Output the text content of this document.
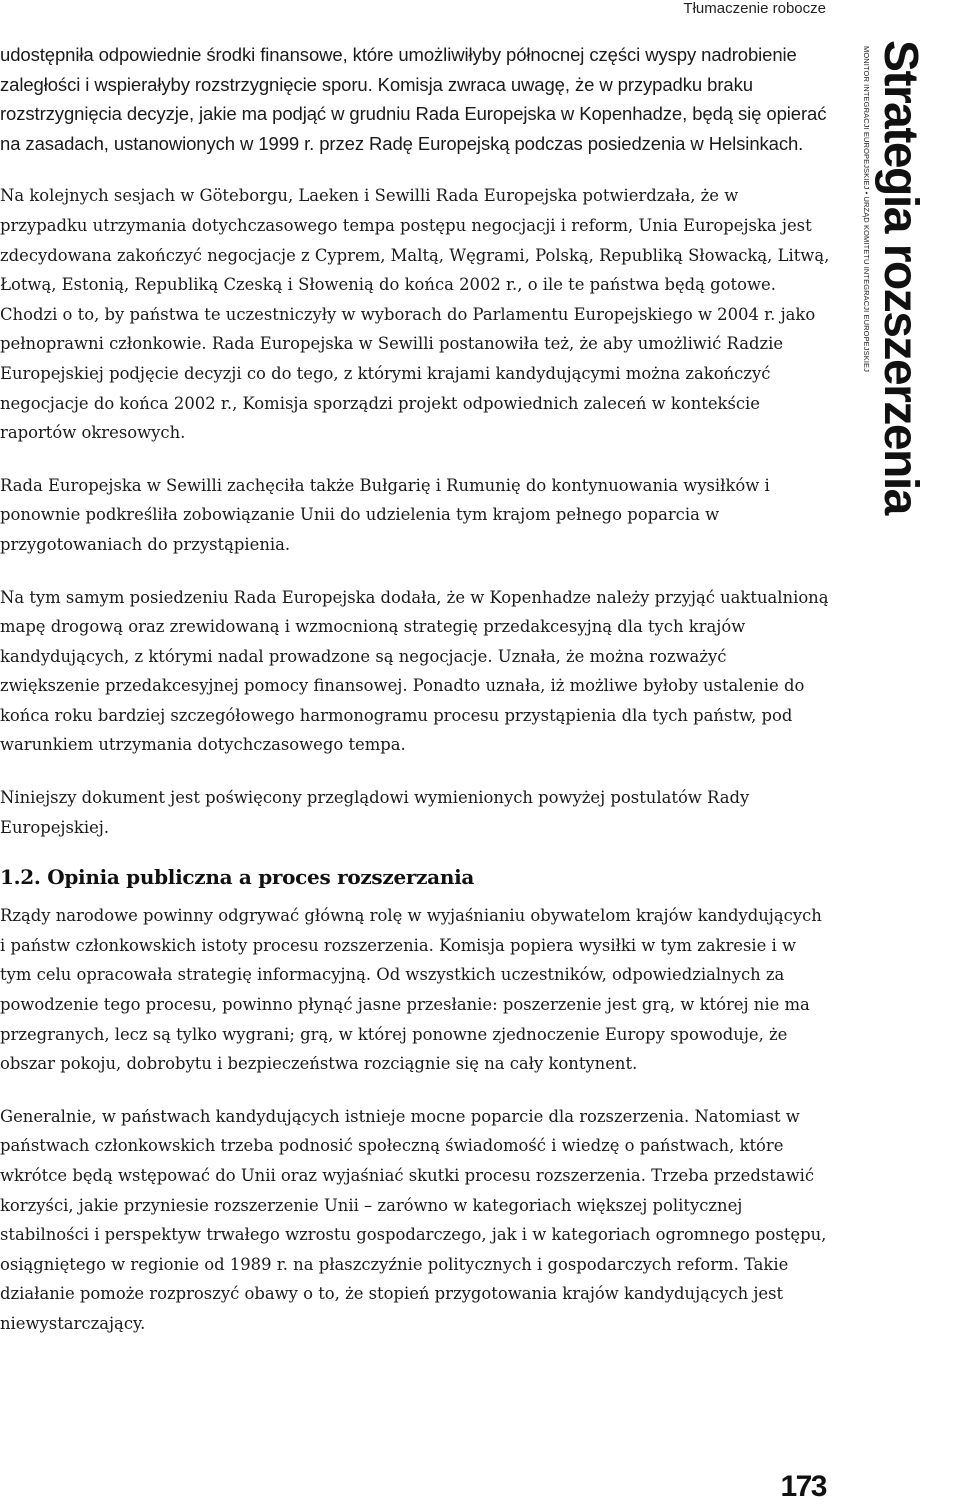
Tłumaczenie robocze
MONITOR INTEGRACJI EUROPEJSKIEJ • URZĄD KOMITETU INTEGRACJI EUROPEJSKIEJ Strategia rozszerzenia

udostępniła odpowiednie środki finansowe, które umożliwiłyby północnej części wyspy nadrobienie zaległości i wspierałyby rozstrzygnięcie sporu. Komisja zwraca uwagę, że w przypadku braku rozstrzygnięcia decyzje, jakie ma podjąć w grudniu Rada Europejska w Kopenhadze, będą się opierać na zasadach, ustanowionych w 1999 r. przez Radę Europejską podczas posiedzenia w Helsinkach.

Na kolejnych sesjach w Göteborgu, Laeken i Sewilli Rada Europejska potwierdzała, że w przypadku utrzymania dotychczasowego tempa postępu negocjacji i reform, Unia Europejska jest zdecydowana zakończyć negocjacje z Cyprem, Maltą, Węgrami, Polską, Republiką Słowacką, Litwą, Łotwą, Estonią, Republiką Czeską i Słowenią do końca 2002 r., o ile te państwa będą gotowe. Chodzi o to, by państwa te uczestniczyły w wyborach do Parlamentu Europejskiego w 2004 r. jako pełnoprawni członkowie. Rada Europejska w Sewilli postanowiła też, że aby umożliwić Radzie Europejskiej podjęcie decyzji co do tego, z którymi krajami kandydującymi można zakończyć negocjacje do końca 2002 r., Komisja sporządzi projekt odpowiednich zaleceń w kontekście raportów okresowych.

Rada Europejska w Sewilli zachęciła także Bułgarię i Rumunię do kontynuowania wysiłków i ponownie podkreśliła zobowiązanie Unii do udzielenia tym krajom pełnego poparcia w przygotowaniach do przystąpienia.

Na tym samym posiedzeniu Rada Europejska dodała, że w Kopenhadze należy przyjąć uaktualnioną mapę drogową oraz zrewidowaną i wzmocnioną strategię przedakcesyjną dla tych krajów kandydujących, z którymi nadal prowadzone są negocjacje. Uznała, że można rozważyć zwiększenie przedakcesyjnej pomocy finansowej. Ponadto uznała, iż możliwe byłoby ustalenie do końca roku bardziej szczegółowego harmonogramu procesu przystąpienia dla tych państw, pod warunkiem utrzymania dotychczasowego tempa.

Niniejszy dokument jest poświęcony przeglądowi wymienionych powyżej postulatów Rady Europejskiej.

1.2. Opinia publiczna a proces rozszerzania

Rządy narodowe powinny odgrywać główną rolę w wyjaśnianiu obywatelom krajów kandydujących i państw członkowskich istoty procesu rozszerzenia. Komisja popiera wysiłki w tym zakresie i w tym celu opracowała strategię informacyjną. Od wszystkich uczestników, odpowiedzialnych za powodzenie tego procesu, powinno płynąć jasne przesłanie: poszerzenie jest grą, w której nie ma przegranych, lecz są tylko wygrani; grą, w której ponowne zjednoczenie Europy spowoduje, że obszar pokoju, dobrobytu i bezpieczeństwa rozciągnie się na cały kontynent.

Generalnie, w państwach kandydujących istnieje mocne poparcie dla rozszerzenia. Natomiast w państwach członkowskich trzeba podnosić społeczną świadomość i wiedzę o państwach, które wkrótce będą wstępować do Unii oraz wyjaśniać skutki procesu rozszerzenia. Trzeba przedstawić korzyści, jakie przyniesie rozszerzenie Unii – zarówno w kategoriach większej politycznej stabilności i perspektyw trwałego wzrostu gospodarczego, jak i w kategoriach ogromnego postępu, osiągniętego w regionie od 1989 r. na płaszczyźnie politycznych i gospodarczych reform. Takie działanie pomoże rozproszyć obawy o to, że stopień przygotowania krajów kandydujących jest niewystarczający.

173
